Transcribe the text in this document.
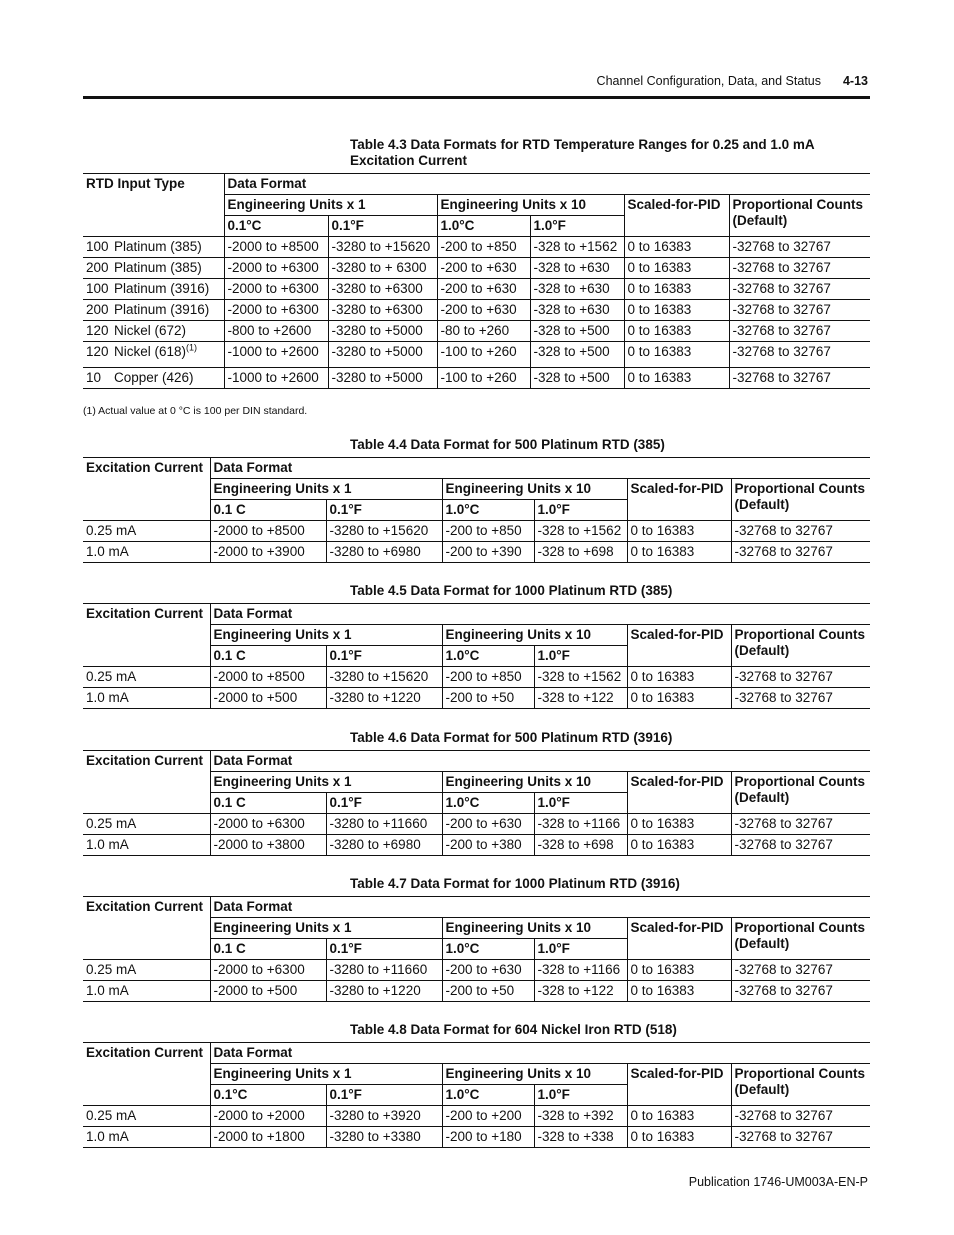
Channel Configuration, Data, and Status 4-13
Table 4.3 Data Formats for RTD Temperature Ranges for 0.25 and 1.0 mA Excitation Current
RTD Input Type	Data Format					
	Engineering Units x 1		Engineering Units x 10		Scaled-for-PID	Proportional Counts
(Default)
	0.1°C	0.1°F	1.0°C	1.0°F		
100 Platinum (385)	-2000 to +8500	-3280 to +15620	-200 to +850	-328 to +1562	0 to 16383	-32768 to 32767
200 Platinum (385)	-2000 to +6300	-3280 to + 6300	-200 to +630	-328 to +630	0 to 16383	-32768 to 32767
100 Platinum (3916)	-2000 to +6300	-3280 to +6300	-200 to +630	-328 to +630	0 to 16383	-32768 to 32767
200 Platinum (3916)	-2000 to +6300	-3280 to +6300	-200 to +630	-328 to +630	0 to 16383	-32768 to 32767
120 Nickel (672)	-800 to +2600	-3280 to +5000	-80 to +260	-328 to +500	0 to 16383	-32768 to 32767
120 Nickel $(618)^{(1)}$	-1000 to +2600	-3280 to +5000	-100 to +260	-328 to +500	0 to 16383	-32768 to 32767
10 Copper (426)	-1000 to +2600	-3280 to +5000	-100 to +260	-328 to +500	0 to 16383	-32768 to 32767
(1) Actual value at 0 °C is 100 per DIN standard.
Table 4.4 Data Format for 500 Platinum RTD (385)
Excitation Current	Data Format					
	Engineering Units x 1		Engineering Units x 10		Scaled-for-PID	Proportional Counts
(Default)
	0.1 C	0.1°F	1.0°C	1.0°F		
0.25 mA	-2000 to +8500	-3280 to +15620	-200 to +850	-328 to +1562	0 to 16383	-32768 to 32767
1.0 mA	-2000 to +3900	-3280 to +6980	-200 to +390	-328 to +698	0 to 16383	-32768 to 32767
Table 4.5 Data Format for 1000 Platinum RTD (385)
Excitation Current	Data Format					
	Engineering Units x 1		Engineering Units x 10		Scaled-for-PID	Proportional Counts
(Default)
	0.1 C	0.1°F	1.0°C	1.0°F		
0.25 mA	-2000 to +8500	-3280 to +15620	-200 to +850	-328 to +1562	0 to 16383	-32768 to 32767
1.0 mA	-2000 to +500	-3280 to +1220	-200 to +50	-328 to +122	0 to 16383	-32768 to 32767
Table 4.6 Data Format for 500 Platinum RTD (3916)
Excitation Current	Data Format					
	Engineering Units x 1		Engineering Units x 10		Scaled-for-PID	Proportional Counts
(Default)
	0.1 C	0.1°F	1.0°C	1.0°F		
0.25 mA	-2000 to +6300	-3280 to +11660	-200 to +630	-328 to +1166	0 to 16383	-32768 to 32767
1.0 mA	-2000 to +3800	-3280 to +6980	-200 to +380	-328 to +698	0 to 16383	-32768 to 32767
Table 4.7 Data Format for 1000 Platinum RTD (3916)
Excitation Current	Data Format					
	Engineering Units x 1		Engineering Units x 10		Scaled-for-PID	Proportional Counts
(Default)
	0.1 C	0.1°F	1.0°C	1.0°F		
0.25 mA	-2000 to +6300	-3280 to +11660	-200 to +630	-328 to +1166	0 to 16383	-32768 to 32767
1.0 mA	-2000 to +500	-3280 to +1220	-200 to +50	-328 to +122	0 to 16383	-32768 to 32767
Table 4.8 Data Format for 604 Nickel Iron RTD (518)
Excitation Current	Data Format					
	Engineering Units x 1		Engineering Units x 10		Scaled-for-PID	Proportional Counts
(Default)
	0.1°C	0.1°F	1.0°C	1.0°F		
0.25 mA	-2000 to +2000	-3280 to +3920	-200 to +200	-328 to +392	0 to 16383	-32768 to 32767
1.0 mA	-2000 to +1800	-3280 to +3380	-200 to +180	-328 to +338	0 to 16383	-32768 to 32767
Publication 1746-UM003A-EN-P
